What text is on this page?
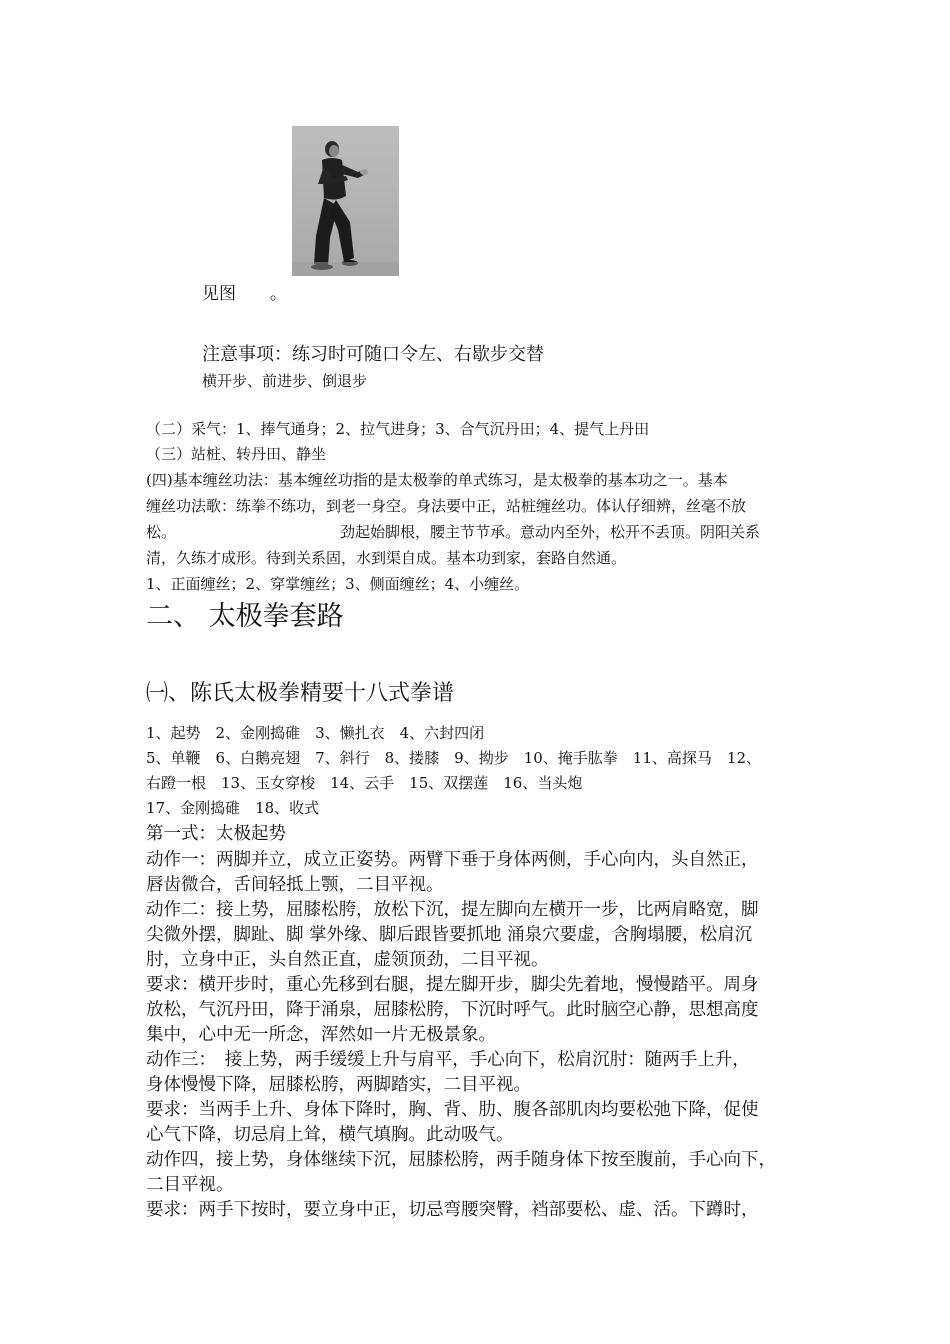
见图　　。
注意事项：练习时可随口令左、右歇步交替
横开步、前进步、倒退步
（二）采气：1、捧气通身；2、拉气进身；3、合气沉丹田；4、提气上丹田
（三）站桩、转丹田、静坐
(四)基本缠丝功法：基本缠丝功指的是太极拳的单式练习，是太极拳的基本功之一。基本
缠丝功法歌：练拳不练功，到老一身空。身法要中正，站桩缠丝功。体认仔细辨，丝毫不放
松。	劲起始脚根，腰主节节承。意动内至外，松开不丢顶。阴阳关系
清，久练才成形。待到关系固，水到渠自成。基本功到家，套路自然通。
1、正面缠丝；2、穿掌缠丝；3、侧面缠丝；4、小缠丝。
二、 太极拳套路
㈠、陈氏太极拳精要十八式拳谱
1、起势　2、金刚捣碓　3、懒扎衣　4、六封四闭
5、单鞭　6、白鹅亮翅　7、斜行　8、搂膝　9、拗步　10、掩手肱拳　11、高探马　12、
右蹬一根　13、玉女穿梭　14、云手　15、双摆莲　16、当头炮
17、金刚捣碓　18、收式
第一式：太极起势
动作一：两脚并立，成立正姿势。两臂下垂于身体两侧，手心向内，头自然正，
唇齿微合，舌间轻抵上颚，二目平视。
动作二：接上势，屈膝松胯，放松下沉，提左脚向左横开一步，比两肩略宽，脚
尖微外摆，脚趾、脚 掌外缘、脚后跟皆要抓地 涌泉穴要虚，含胸塌腰，松肩沉
肘，立身中正，头自然正直，虚领顶劲，二目平视。
要求：横开步时，重心先移到右腿，提左脚开步，脚尖先着地，慢慢踏平。周身
放松，气沉丹田，降于涌泉，屈膝松胯，下沉时呼气。此时脑空心静，思想高度
集中，心中无一所念，浑然如一片无极景象。
动作三：　接上势，两手缓缓上升与肩平，手心向下，松肩沉肘：随两手上升，
身体慢慢下降，屈膝松胯，两脚踏实，二目平视。
要求：当两手上升、身体下降时，胸、背、肋、腹各部肌肉均要松弛下降，促使
心气下降，切忌肩上耸，横气填胸。此动吸气。
动作四，接上势，身体继续下沉，屈膝松胯，两手随身体下按至腹前，手心向下，
二目平视。
要求：两手下按时，要立身中正，切忌弯腰突臀，裆部要松、虚、活。下蹲时，
